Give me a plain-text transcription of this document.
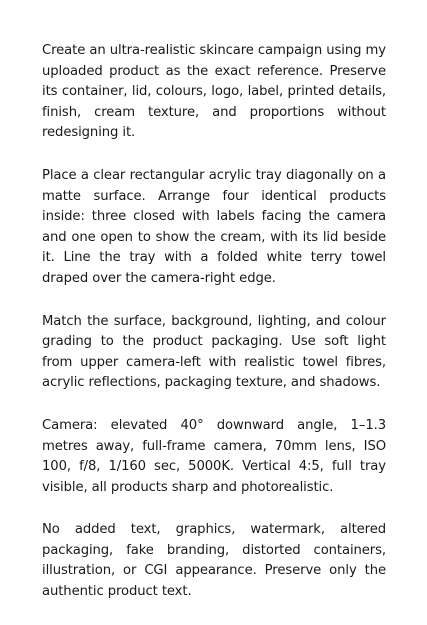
Create an ultra-realistic skincare campaign using my uploaded product as the exact reference. Preserve its container, lid, colours, logo, label, printed details, finish, cream texture, and proportions without redesigning it.

Place a clear rectangular acrylic tray diagonally on a matte surface. Arrange four identical products inside: three closed with labels facing the camera and one open to show the cream, with its lid beside it. Line the tray with a folded white terry towel draped over the camera-right edge.

Match the surface, background, lighting, and colour grading to the product packaging. Use soft light from upper camera-left with realistic towel fibres, acrylic reflections, packaging texture, and shadows.

Camera: elevated 40° downward angle, 1–1.3 metres away, full-frame camera, 70mm lens, ISO 100, f/8, 1/160 sec, 5000K. Vertical 4:5, full tray visible, all products sharp and photorealistic.

No added text, graphics, watermark, altered packaging, fake branding, distorted containers, illustration, or CGI appearance. Preserve only the authentic product text.
